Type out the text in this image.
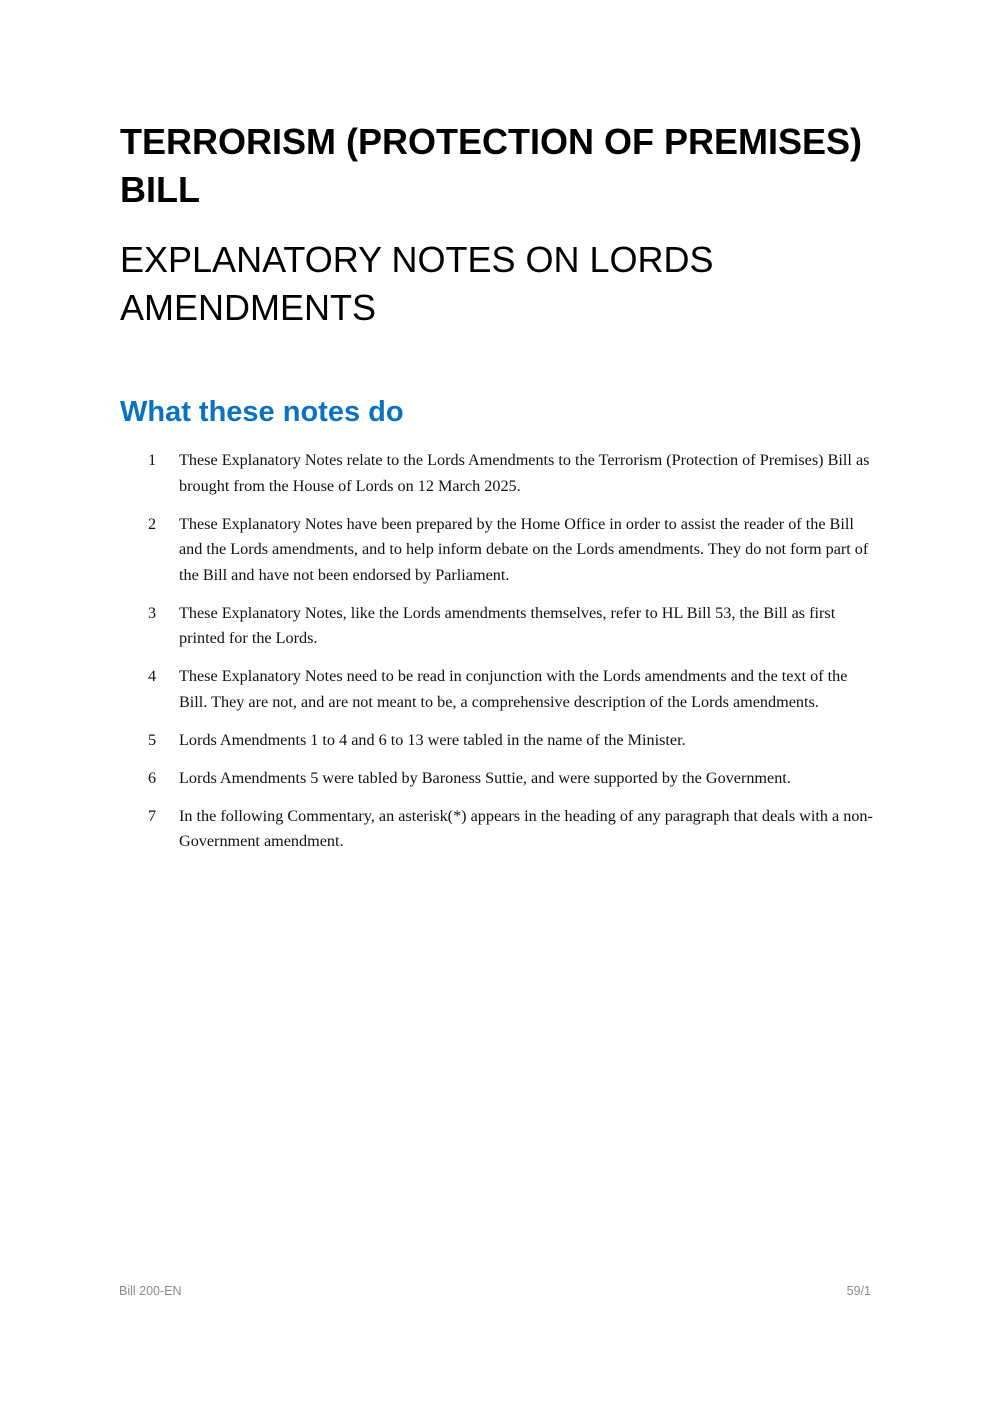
TERRORISM (PROTECTION OF PREMISES) BILL
EXPLANATORY NOTES ON LORDS AMENDMENTS
What these notes do
1	These Explanatory Notes relate to the Lords Amendments to the Terrorism (Protection of Premises) Bill as brought from the House of Lords on 12 March 2025.
2	These Explanatory Notes have been prepared by the Home Office in order to assist the reader of the Bill and the Lords amendments, and to help inform debate on the Lords amendments. They do not form part of the Bill and have not been endorsed by Parliament.
3	These Explanatory Notes, like the Lords amendments themselves, refer to HL Bill 53, the Bill as first printed for the Lords.
4	These Explanatory Notes need to be read in conjunction with the Lords amendments and the text of the Bill. They are not, and are not meant to be, a comprehensive description of the Lords amendments.
5	Lords Amendments 1 to 4 and 6 to 13 were tabled in the name of the Minister.
6	Lords Amendments 5 were tabled by Baroness Suttie, and were supported by the Government.
7	In the following Commentary, an asterisk(*) appears in the heading of any paragraph that deals with a non-Government amendment.
Bill 200-EN	59/1
